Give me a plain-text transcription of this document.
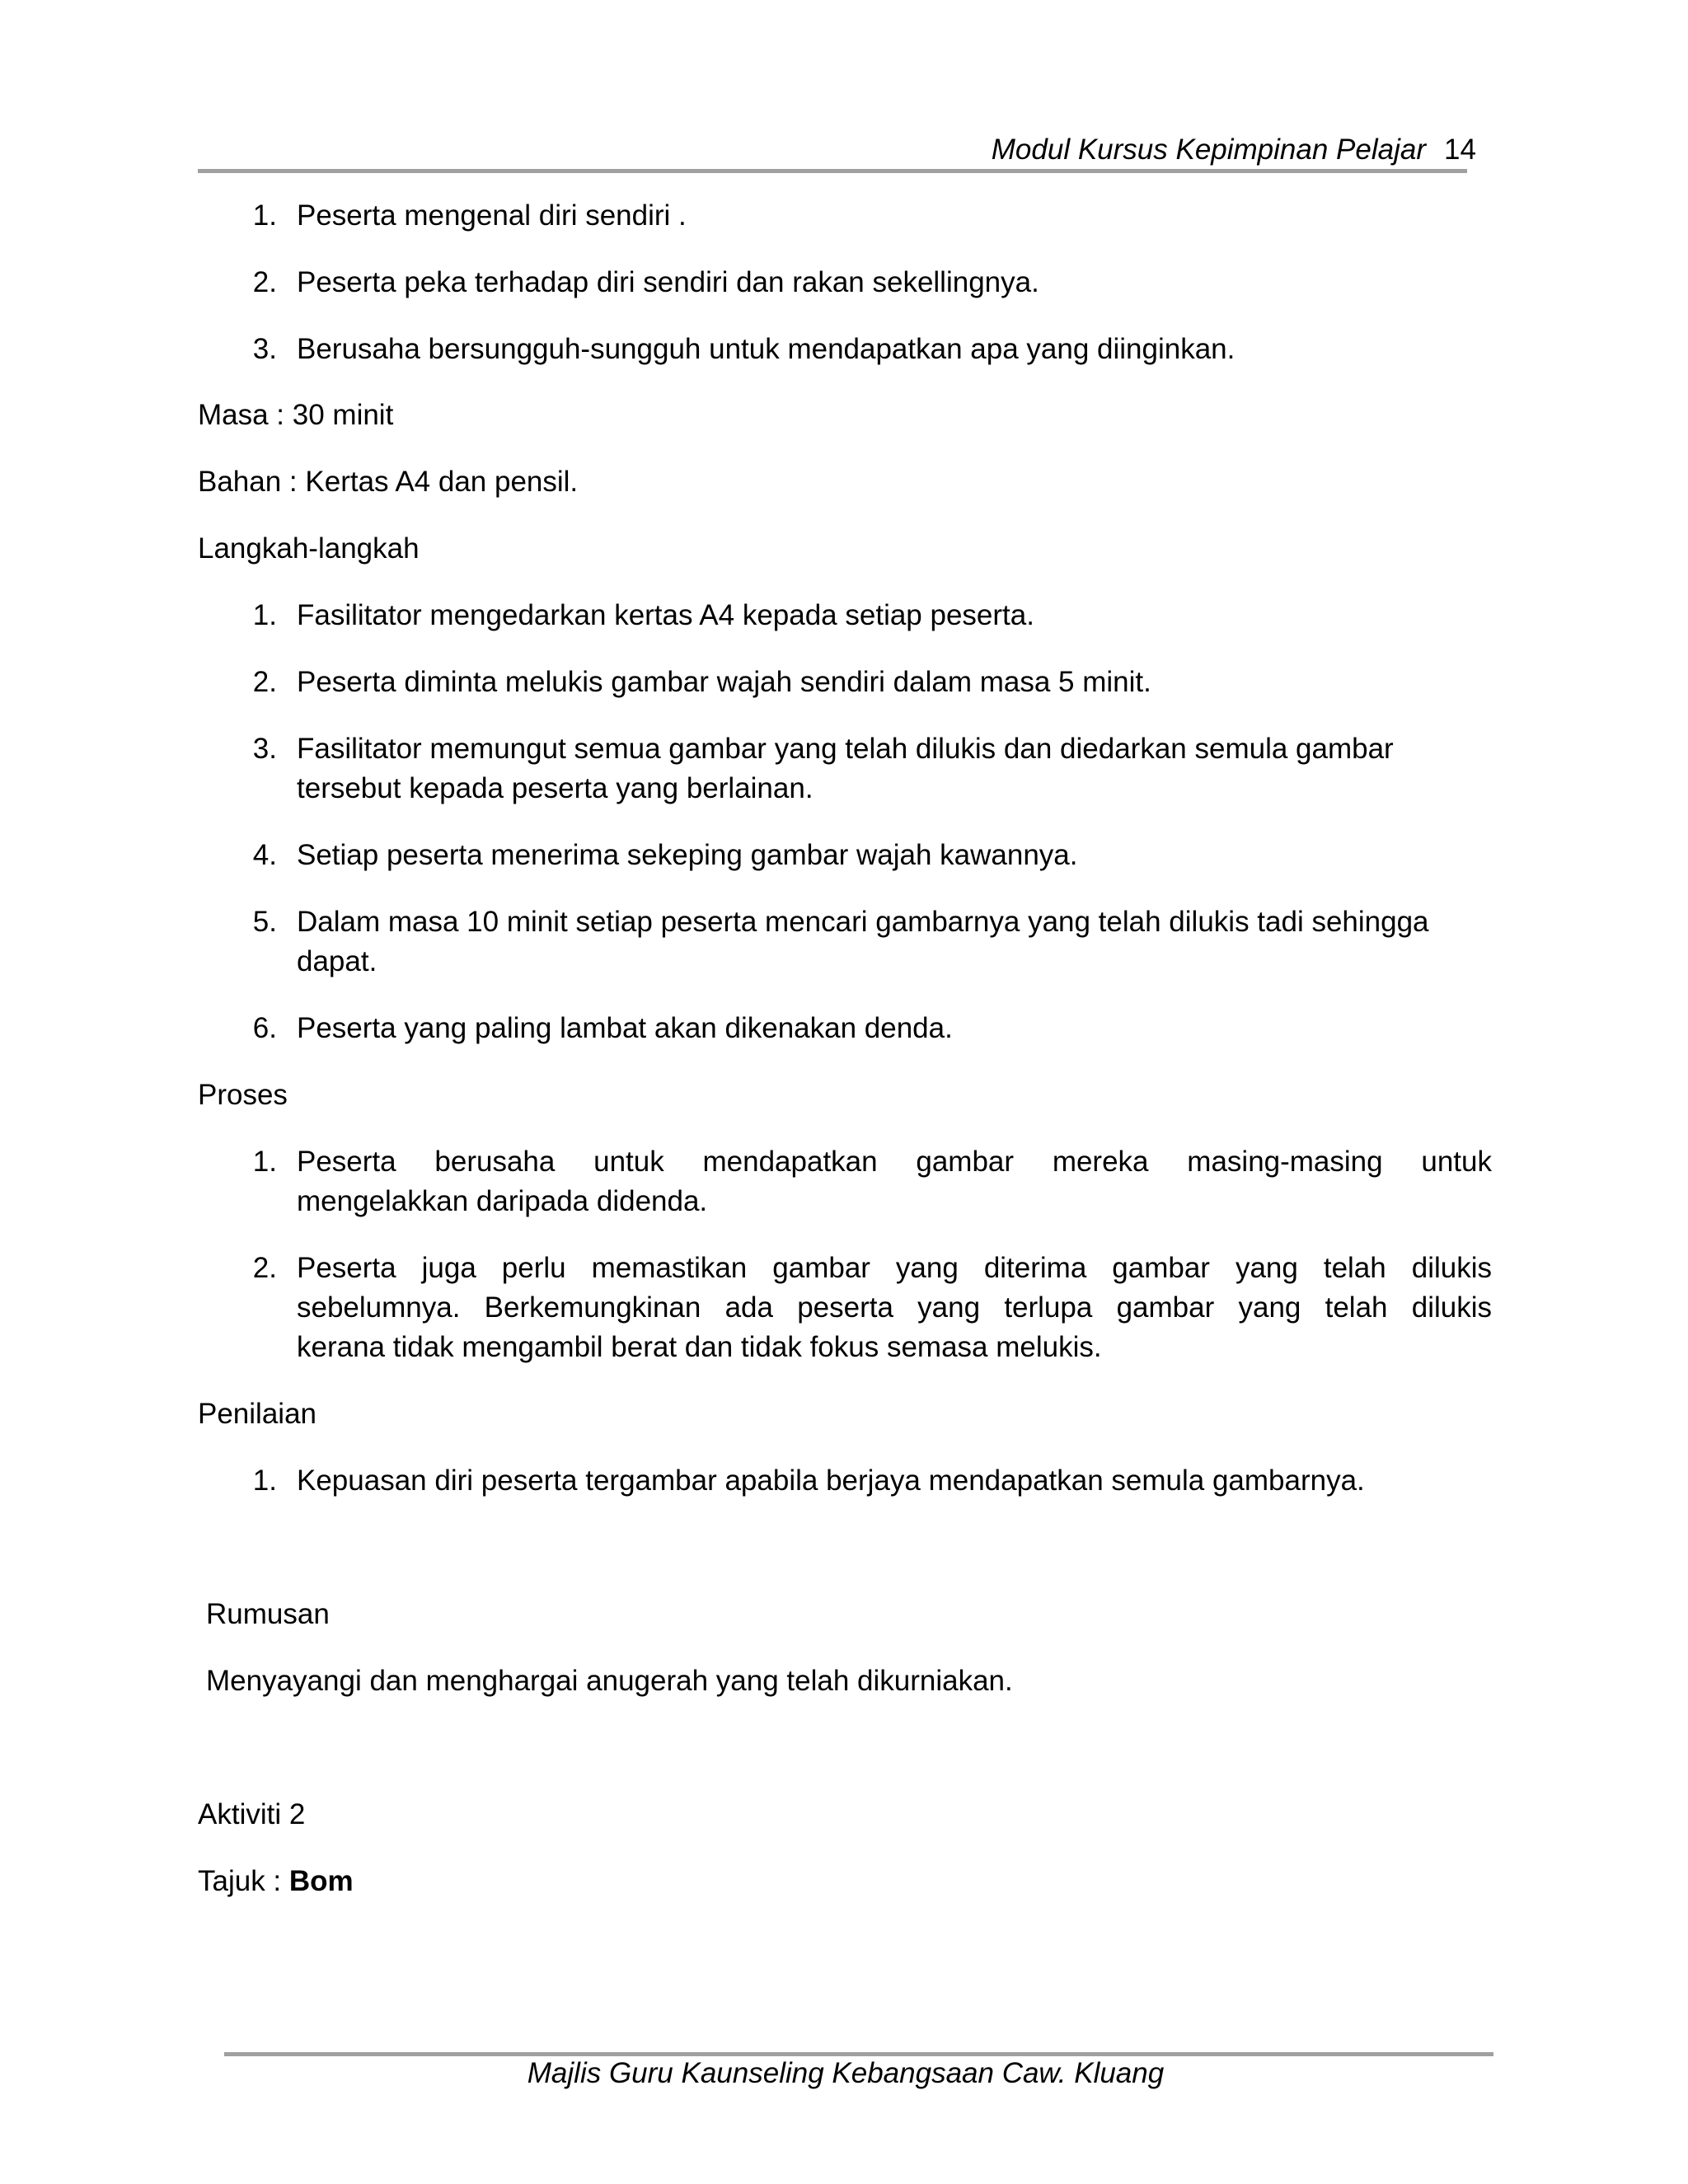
Modul Kursus Kepimpinan Pelajar 14
1. Peserta mengenal diri sendiri .
2. Peserta peka terhadap diri sendiri dan rakan sekellingnya.
3. Berusaha bersungguh-sungguh untuk mendapatkan apa yang diinginkan.
Masa : 30 minit
Bahan : Kertas A4 dan pensil.
Langkah-langkah
1. Fasilitator mengedarkan kertas A4 kepada setiap peserta.
2. Peserta diminta melukis gambar wajah sendiri dalam masa 5 minit.
3. Fasilitator memungut semua gambar yang telah dilukis dan diedarkan semula gambar
tersebut kepada peserta yang berlainan.
4. Setiap peserta menerima sekeping gambar wajah kawannya.
5. Dalam masa 10 minit setiap peserta mencari gambarnya yang telah dilukis tadi sehingga
dapat.
6. Peserta yang paling lambat akan dikenakan denda.
Proses
1. Peserta berusaha untuk mendapatkan gambar mereka masing-masing untuk
mengelakkan daripada didenda.
2. Peserta juga perlu memastikan gambar yang diterima gambar yang telah dilukis
sebelumnya. Berkemungkinan ada peserta yang terlupa gambar yang telah dilukis
kerana tidak mengambil berat dan tidak fokus semasa melukis.
Penilaian
1. Kepuasan diri peserta tergambar apabila berjaya mendapatkan semula gambarnya.
Rumusan
Menyayangi dan menghargai anugerah yang telah dikurniakan.
Aktiviti 2
Tajuk : Bom
Majlis Guru Kaunseling Kebangsaan Caw. Kluang
